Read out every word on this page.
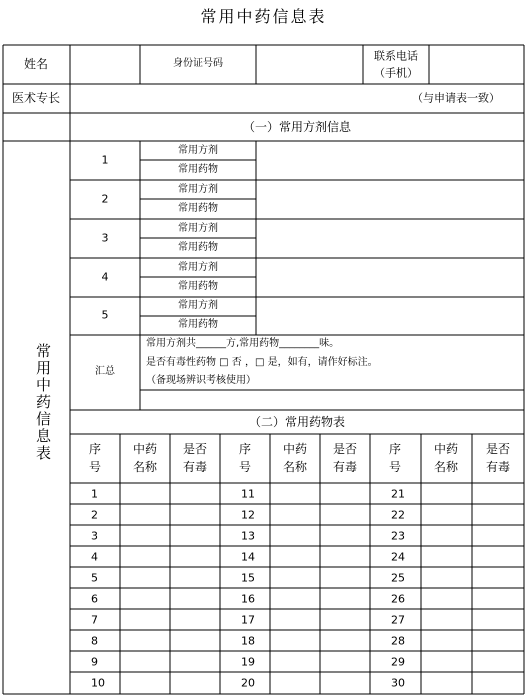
常用中药信息表
姓名	身份证号码
联系电话
（手机）
医术专长	（与申请表一致）
常用中药信息表
（一）常用方剂信息
1
常用方剂
常用药物
2
常用方剂
常用药物
3
常用方剂
常用药物
4
常用方剂
常用药物
5
常用方剂
常用药物
汇总
常用方剂共______方,常用药物________味。
是否有毒性药物 □ 否 ，□ 是，如有，请作好标注。
（备现场辨识考核使用）
（二）常用药物表
序
号
中药
名称
是否
有毒
序
号
中药
名称
是否
有毒
序
号
中药
名称
是否
有毒
1
2
3
4
5
6
7
8
9
10
11
12
13
14
15
16
17
18
19
20
21
22
23
24
25
26
27
28
29
30
